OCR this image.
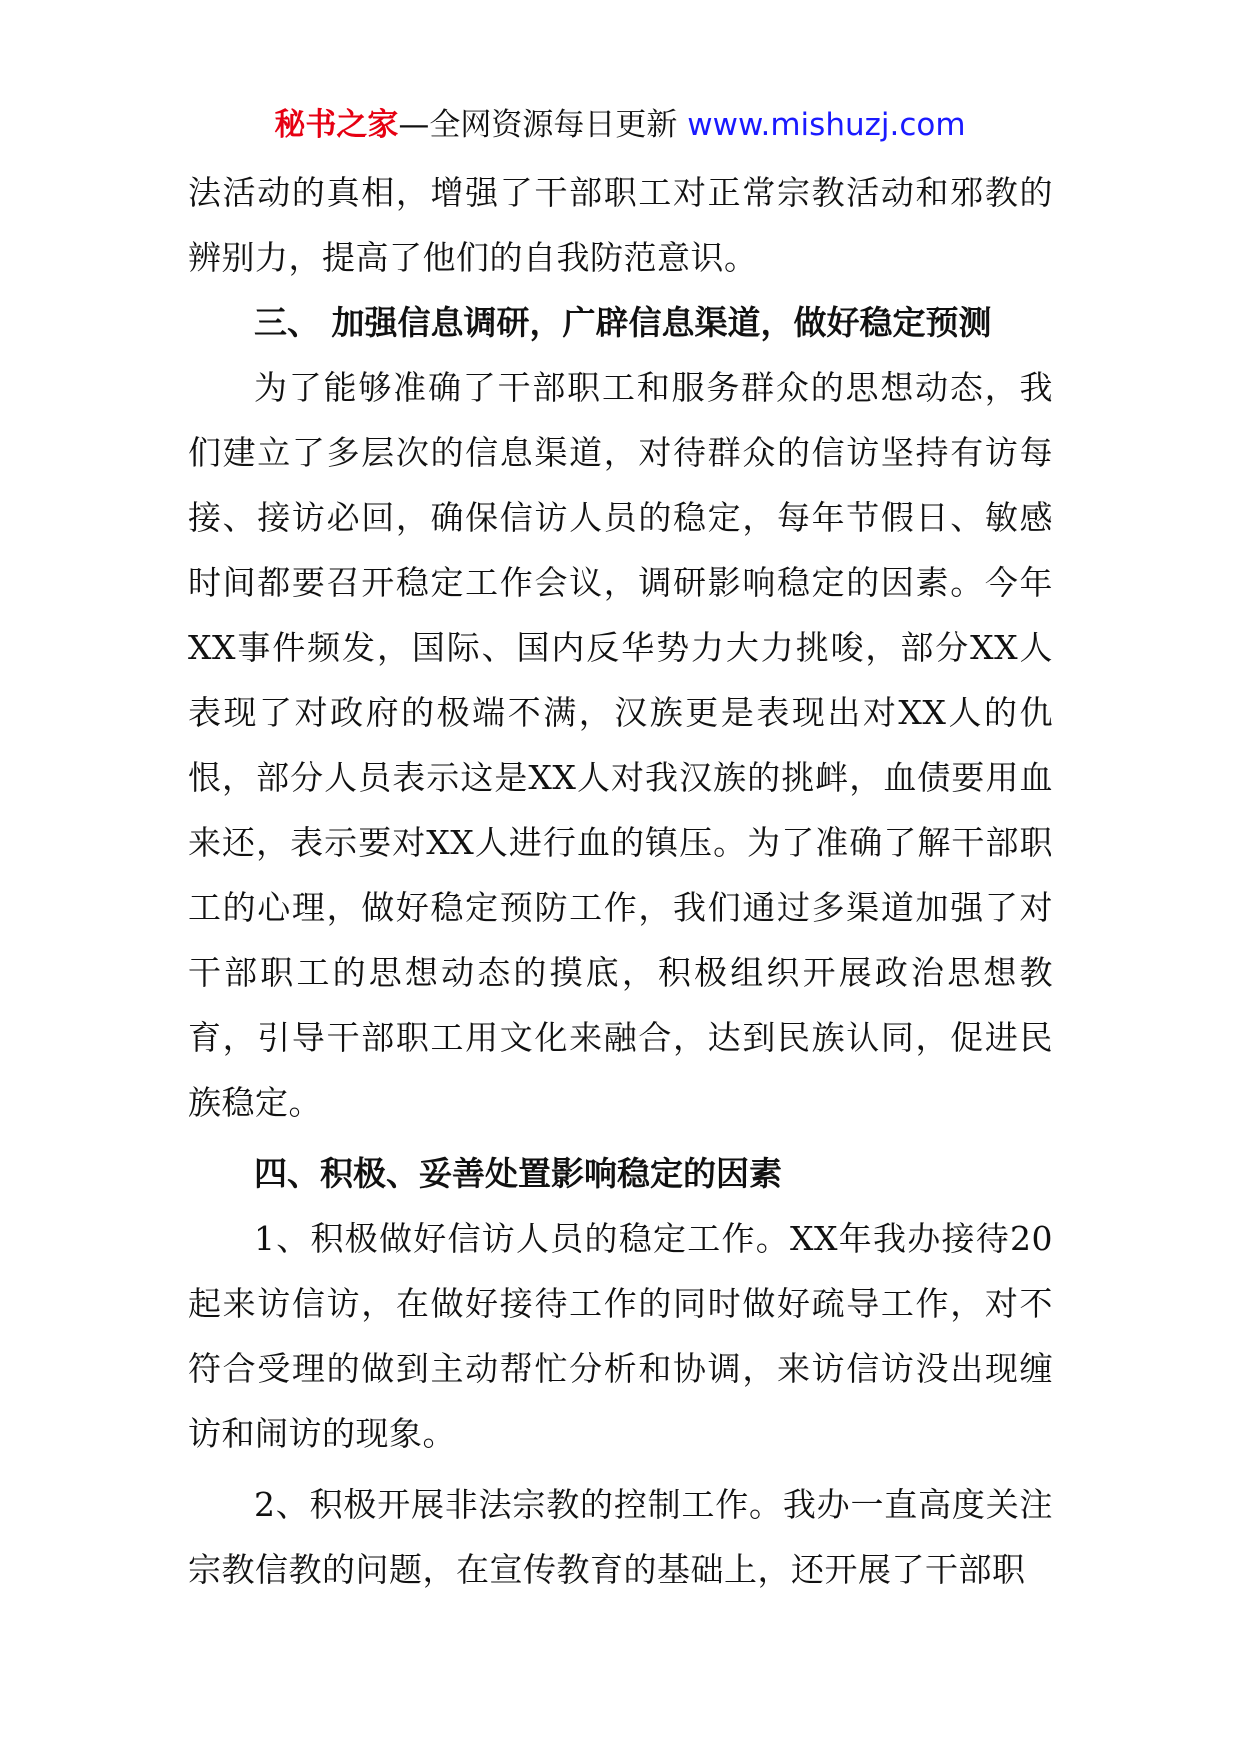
秘书之家—全网资源每日更新 www.mishuzj.com

法活动的真相，增强了干部职工对正常宗教活动和邪教的辨别力，提高了他们的自我防范意识。

三、 加强信息调研，广辟信息渠道，做好稳定预测

为了能够准确了干部职工和服务群众的思想动态，我们建立了多层次的信息渠道，对待群众的信访坚持有访每接、接访必回，确保信访人员的稳定，每年节假日、敏感时间都要召开稳定工作会议，调研影响稳定的因素。今年XX事件频发，国际、国内反华势力大力挑唆，部分XX人表现了对政府的极端不满，汉族更是表现出对XX人的仇恨，部分人员表示这是XX人对我汉族的挑衅，血债要用血来还，表示要对XX人进行血的镇压。为了准确了解干部职工的心理，做好稳定预防工作，我们通过多渠道加强了对干部职工的思想动态的摸底，积极组织开展政治思想教育，引导干部职工用文化来融合，达到民族认同，促进民族稳定。

四、积极、妥善处置影响稳定的因素

1、积极做好信访人员的稳定工作。XX年我办接待20起来访信访，在做好接待工作的同时做好疏导工作，对不符合受理的做到主动帮忙分析和协调，来访信访没出现缠访和闹访的现象。

2、积极开展非法宗教的控制工作。我办一直高度关注宗教信教的问题，在宣传教育的基础上，还开展了干部职
